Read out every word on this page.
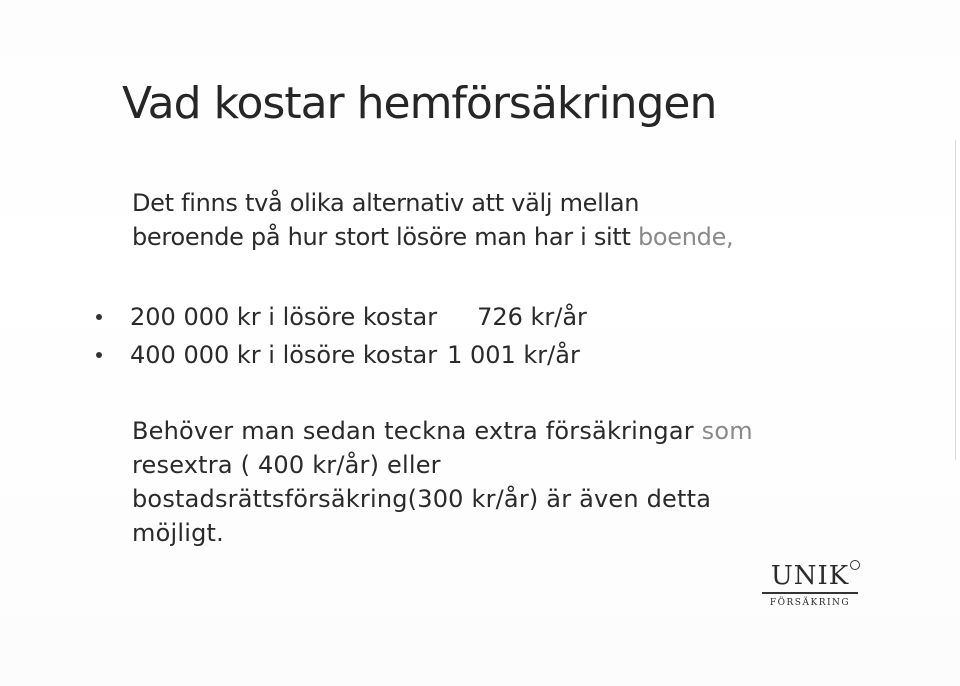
Vad kostar hemförsäkringen
Det finns två olika alternativ att välj mellan
beroende på hur stort lösöre man har i sitt boende,
200 000 kr i lösöre kostar 726 kr/år
400 000 kr i lösöre kostar 1 001 kr/år
Behöver man sedan teckna extra försäkringar som
resextra ( 400 kr/år) eller
bostadsrättsförsäkring(300 kr/år) är även detta
möjligt.
UNIK
FÖRSÄKRING
